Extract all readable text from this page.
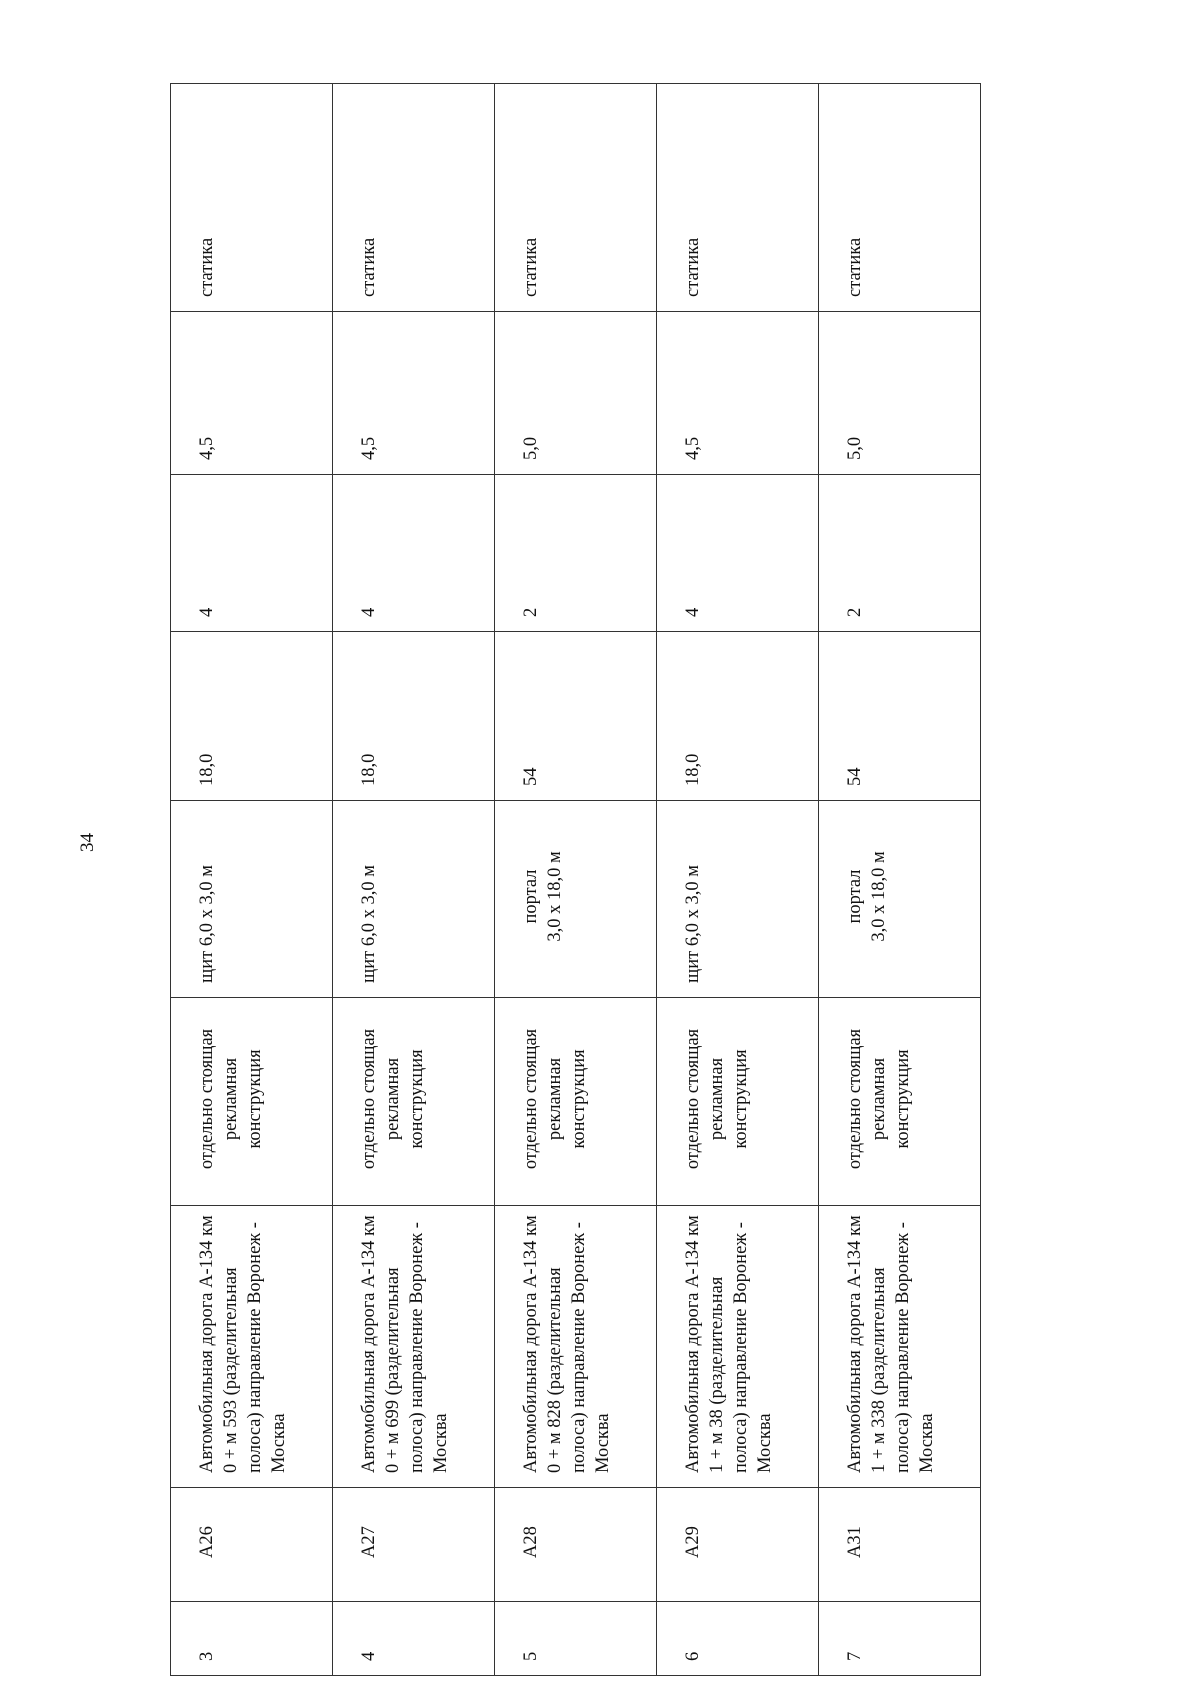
34
3	А26	Автомобильная дорога А-134 км 0 + м 593 (разделительная полоса) направление Воронеж - Москва	отдельно стоящая
рекламная
конструкция	щит 6,0 х 3,0 м	18,0	4	4,5	статика
4	А27	Автомобильная дорога А-134 км 0 + м 699 (разделительная полоса) направление Воронеж - Москва	отдельно стоящая
рекламная
конструкция	щит 6,0 х 3,0 м	18,0	4	4,5	статика
5	А28	Автомобильная дорога А-134 км 0 + м 828 (разделительная полоса) направление Воронеж - Москва	отдельно стоящая
рекламная
конструкция	портал
3,0 х 18,0 м	54	2	5,0	статика
6	А29	Автомобильная дорога А-134 км 1 + м 38 (разделительная полоса) направление Воронеж - Москва	отдельно стоящая
рекламная
конструкция	щит 6,0 х 3,0 м	18,0	4	4,5	статика
7	А31	Автомобильная дорога А-134 км 1 + м 338 (разделительная полоса) направление Воронеж - Москва	отдельно стоящая
рекламная
конструкция	портал
3,0 х 18,0 м	54	2	5,0	статика
